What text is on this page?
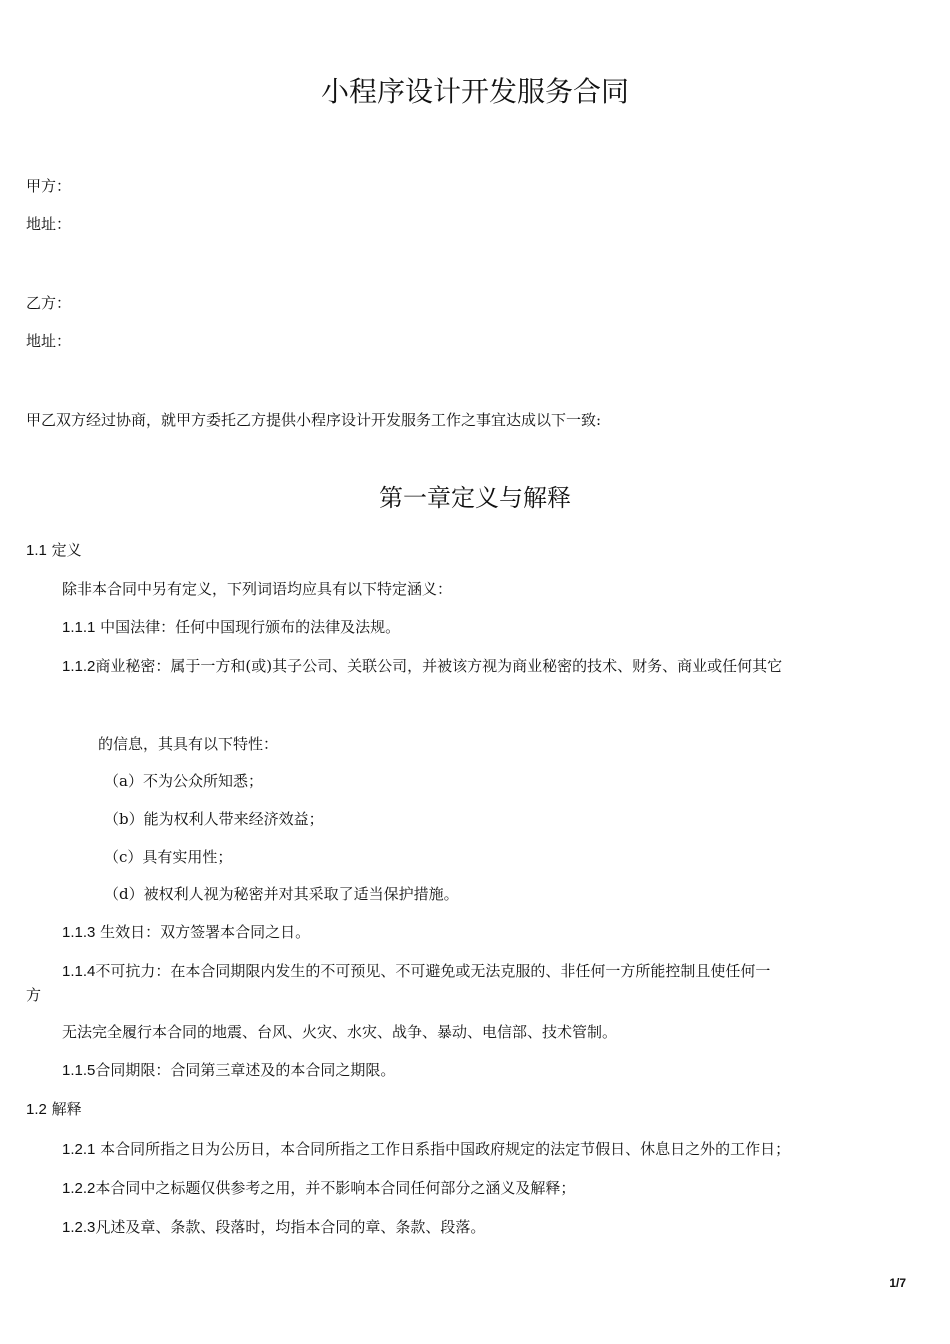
小程序设计开发服务合同
甲方：
地址：
乙方：
地址：
甲乙双方经过协商，就甲方委托乙方提供小程序设计开发服务工作之事宜达成以下一致:
第一章定义与解释
1.1 定义
除非本合同中另有定义，下列词语均应具有以下特定涵义：
1.1.1 中国法律：任何中国现行颁布的法律及法规。
1.1.2商业秘密：属于一方和(或)其子公司、关联公司，并被该方视为商业秘密的技术、财务、商业或任何其它
的信息，其具有以下特性：
（a）不为公众所知悉；
（b）能为权利人带来经济效益；
（c）具有实用性；
（d）被权利人视为秘密并对其采取了适当保护措施。
1.1.3 生效日：双方签署本合同之日。
1.1.4不可抗力：在本合同期限内发生的不可预见、不可避免或无法克服的、非任何一方所能控制且使任何一
方
无法完全履行本合同的地震、台风、火灾、水灾、战争、暴动、电信部、技术管制。
1.1.5合同期限：合同第三章述及的本合同之期限。
1.2 解释
1.2.1 本合同所指之日为公历日，本合同所指之工作日系指中国政府规定的法定节假日、休息日之外的工作日；
1.2.2本合同中之标题仅供参考之用，并不影响本合同任何部分之涵义及解释；
1.2.3凡述及章、条款、段落时，均指本合同的章、条款、段落。
1/7
